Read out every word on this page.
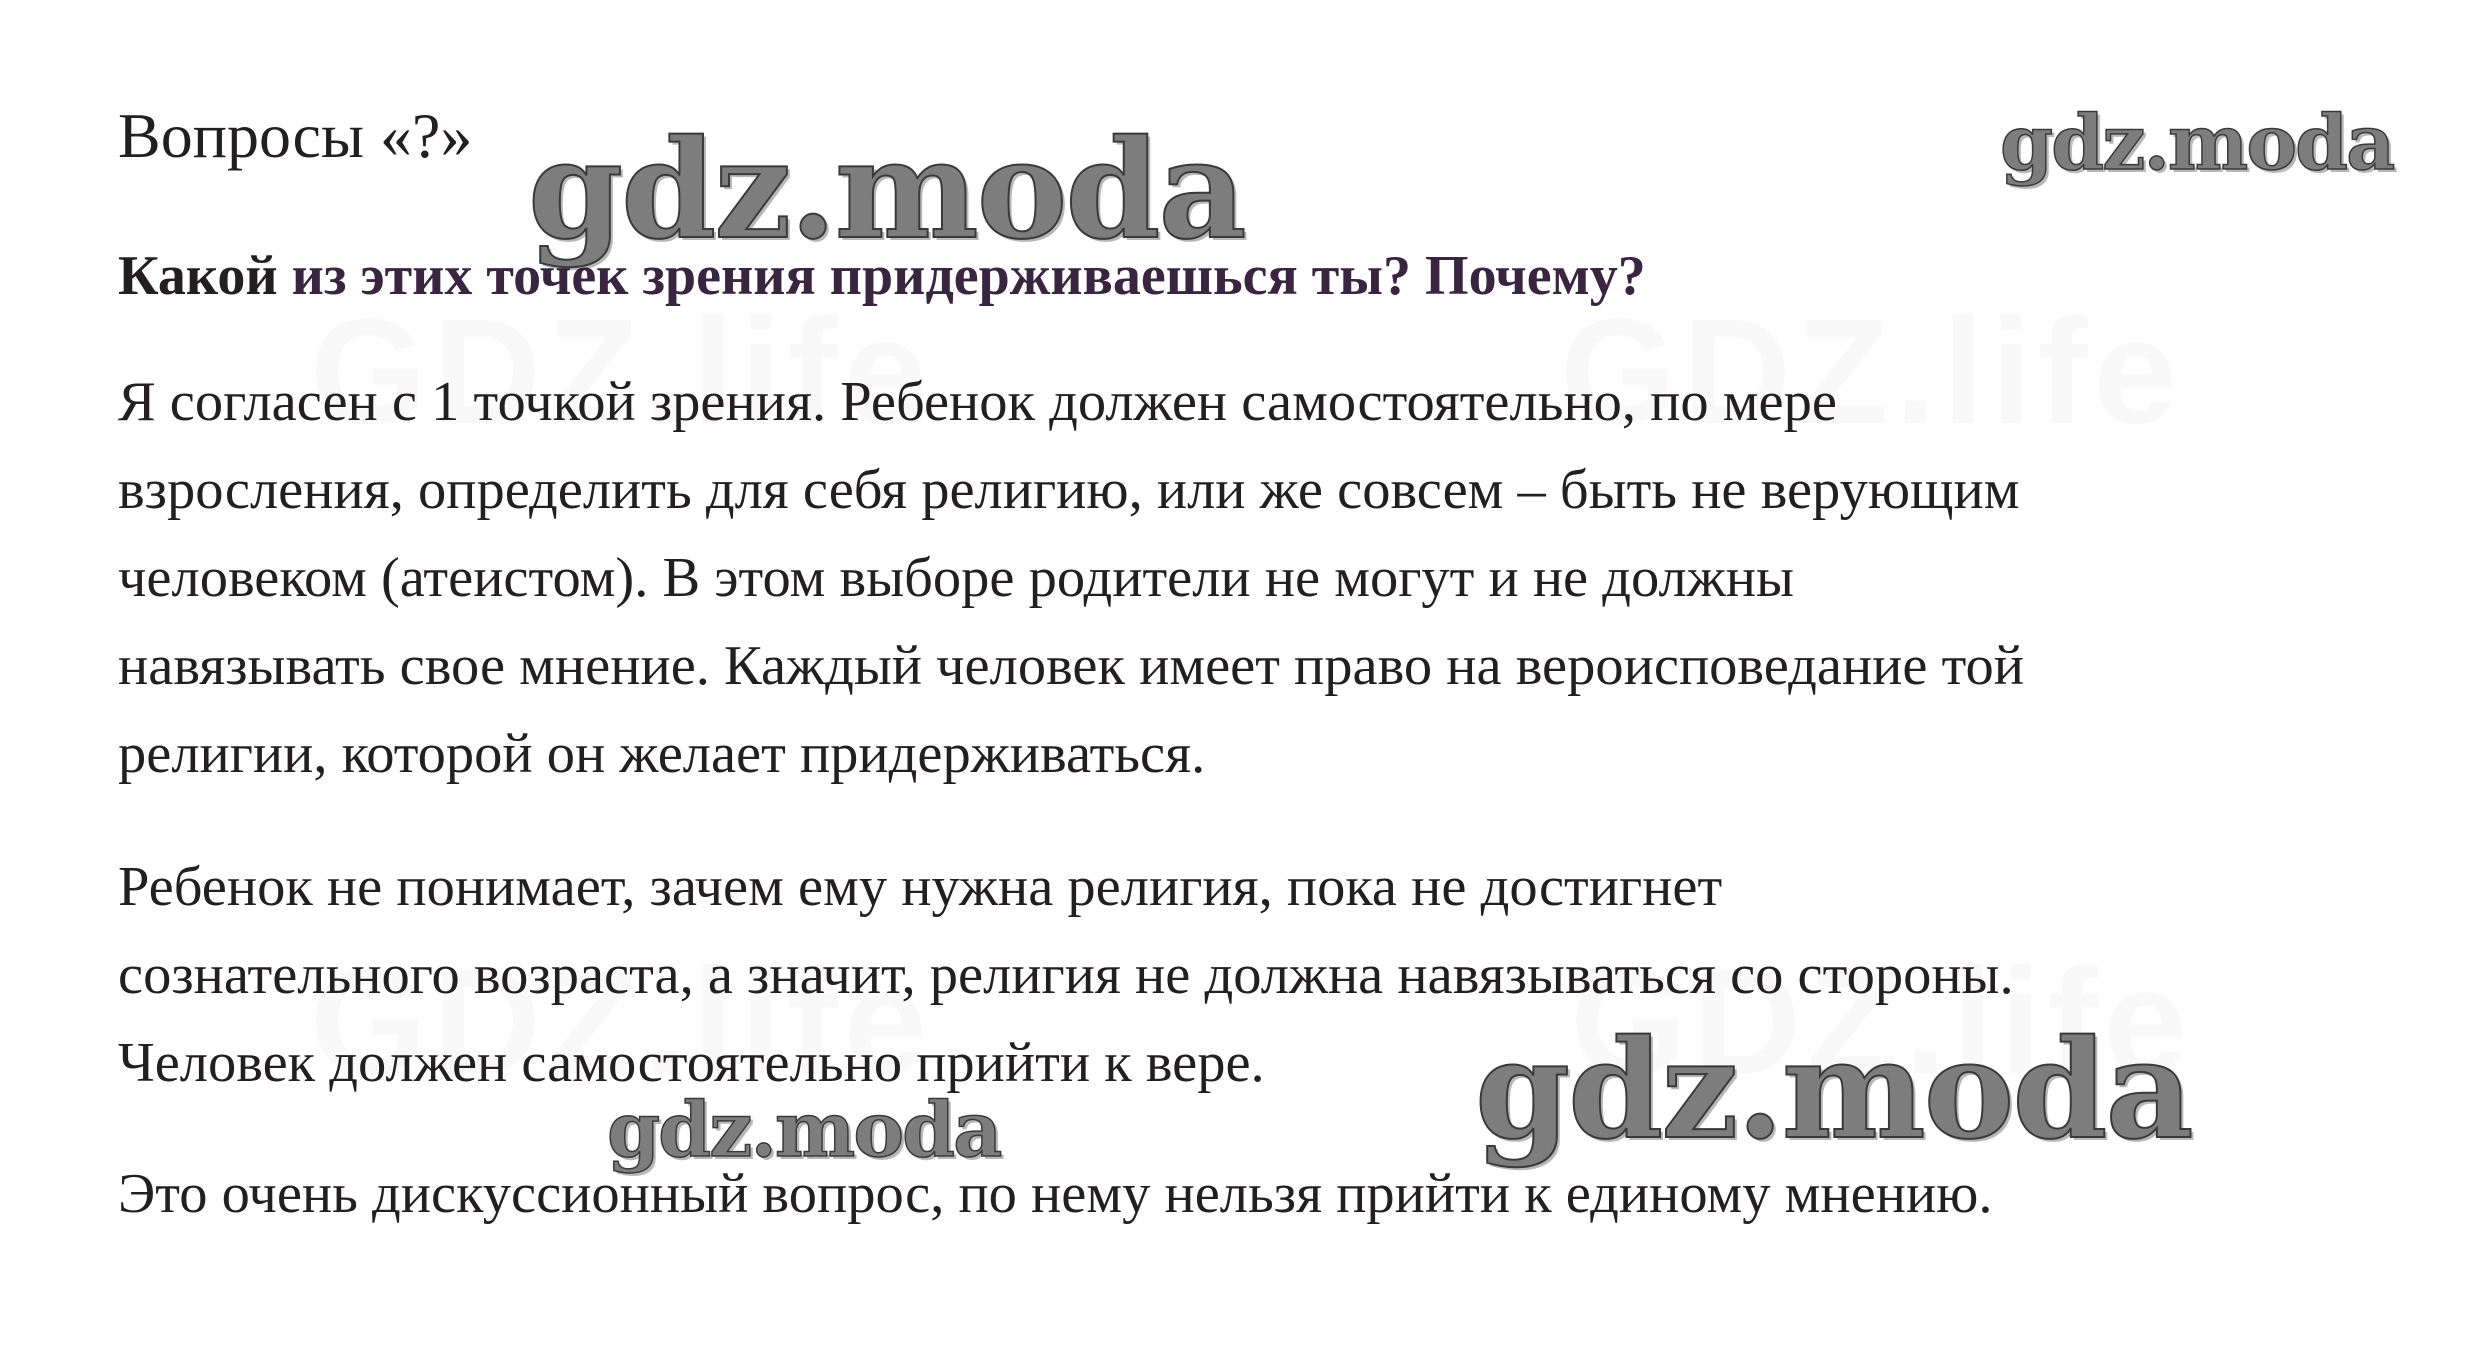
Вопросы «?»
Какой из этих точек зрения придерживаешься ты? Почему?

Я согласен с 1 точкой зрения. Ребенок должен самостоятельно, по мере
взросления, определить для себя религию, или же совсем – быть не верующим
человеком (атеистом). В этом выборе родители не могут и не должны
навязывать свое мнение. Каждый человек имеет право на вероисповедание той
религии, которой он желает придерживаться.

Ребенок не понимает, зачем ему нужна религия, пока не достигнет
сознательного возраста, а значит, религия не должна навязываться со стороны.
Человек должен самостоятельно прийти к вере.

Это очень дискуссионный вопрос, по нему нельзя прийти к единому мнению.

gdz.moda	gdz.moda
gdz.moda
gdz.moda
